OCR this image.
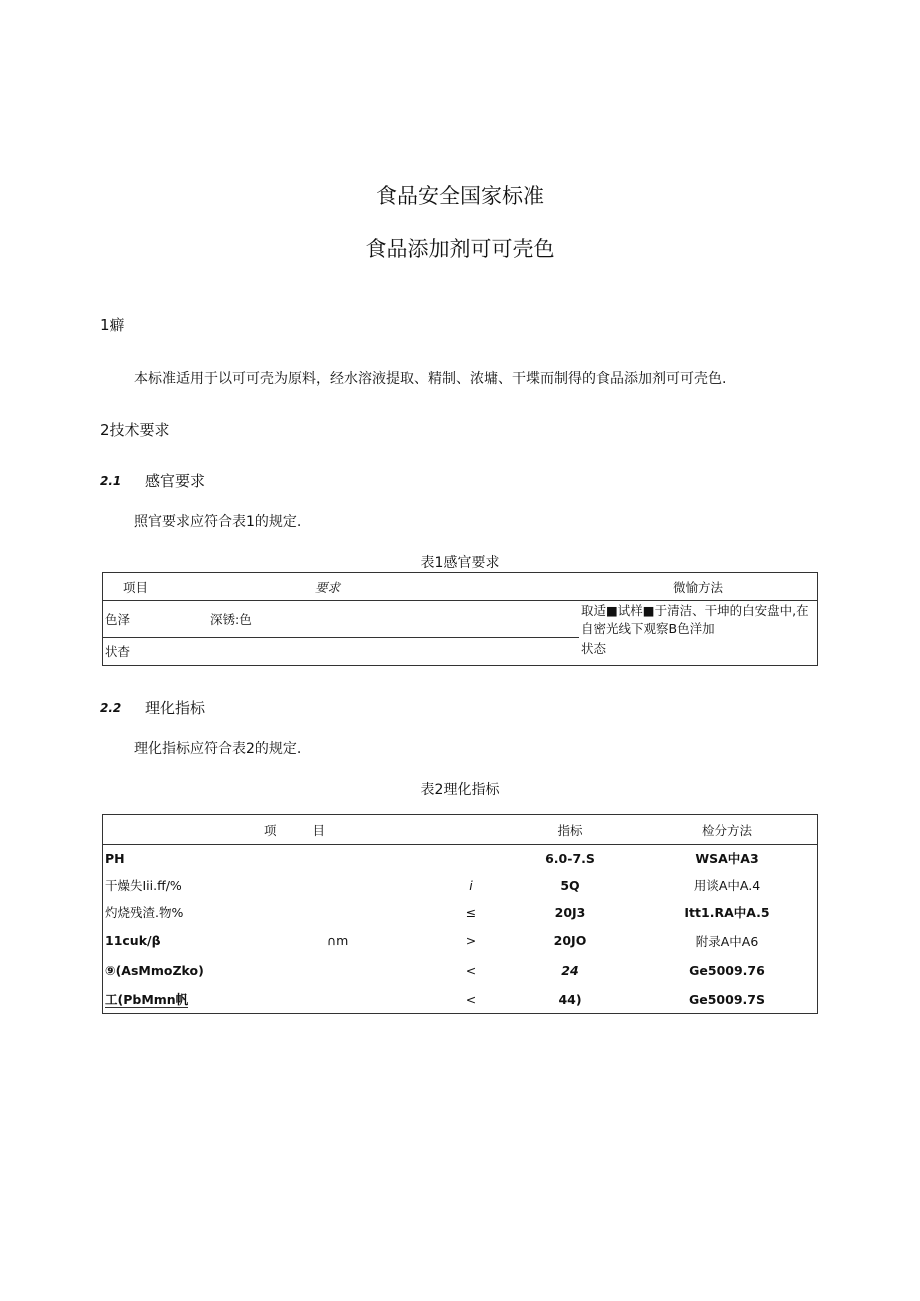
食品安全国家标准
食品添加剂可可壳色
1癖
本标准适用于以可可壳为原料，经水溶液提取、精制、浓墉、干堞而制得的食品添加剂可可壳色.
2技术要求
2.1 感官要求
照官要求应符合表1的规定.
表1感官要求
项目	要求	微愉方法
色泽	深锈:色	取适■试样■于清洁、干坤的白安盘中,在自密光线下观察B色洋加
状杳		状态
2.2 理化指标
理化指标应符合表2的规定.
表2理化指标
项 目			指标	检分方法
PH			6.0-7.S	WSA中A3
干燥失Iii.ff/%		i	5Q	用谈A中A.4
灼烧残渣.物%		≤	20J3	Itt1.RA中A.5
11cuk/β	∩m	>	20JO	附录A中A6
⑨(AsMmoZko)		<	24	Ge5009.76
工(PbMmn帆		<	44)	Ge5009.7S
